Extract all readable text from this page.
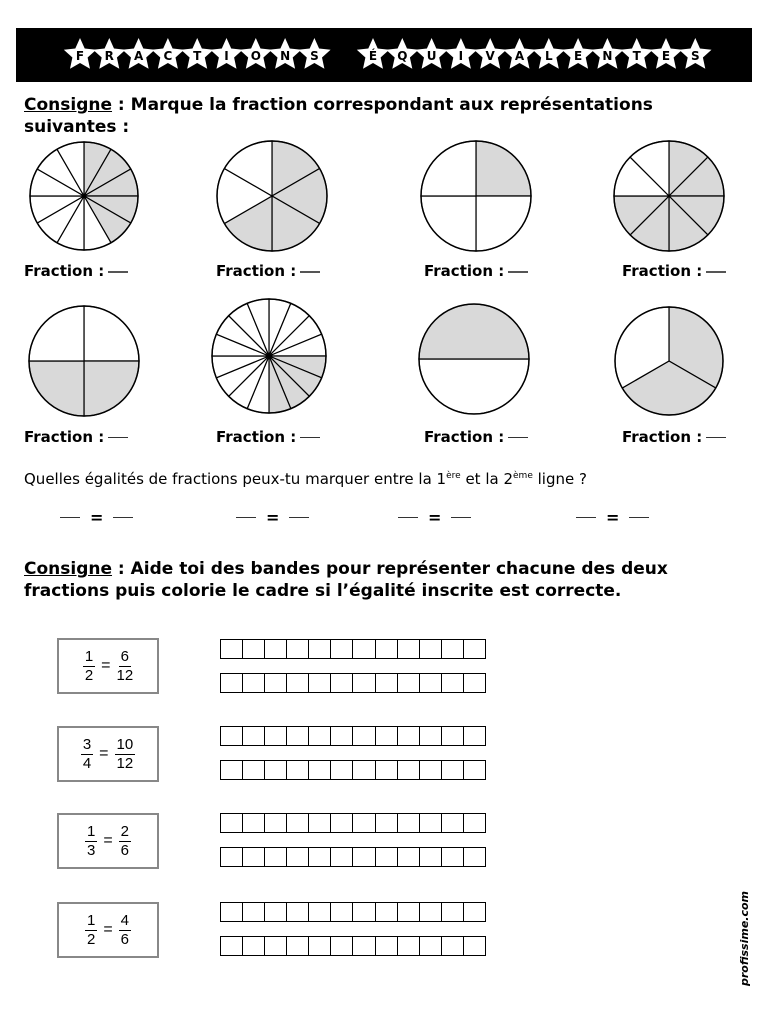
F R A C T I O N S	É Q U I V A L E N T E S
Consigne : Marque la fraction correspondant aux représentations suivantes :
Fraction :	Fraction :	Fraction :	Fraction :
Fraction :	Fraction :	Fraction :	Fraction :
Quelles égalités de fractions peux-tu marquer entre la 1ère et la 2ème ligne ?
=	=	=	=
Consigne : Aide toi des bandes pour représenter chacune des deux fractions puis colorie le cadre si l’égalité inscrite est correcte.
$\frac{1}{2} = \frac{6}{12}$
$\frac{3}{4} = \frac{10}{12}$
$\frac{1}{3} = \frac{2}{6}$
$\frac{1}{2} = \frac{4}{6}$	profissime.com
